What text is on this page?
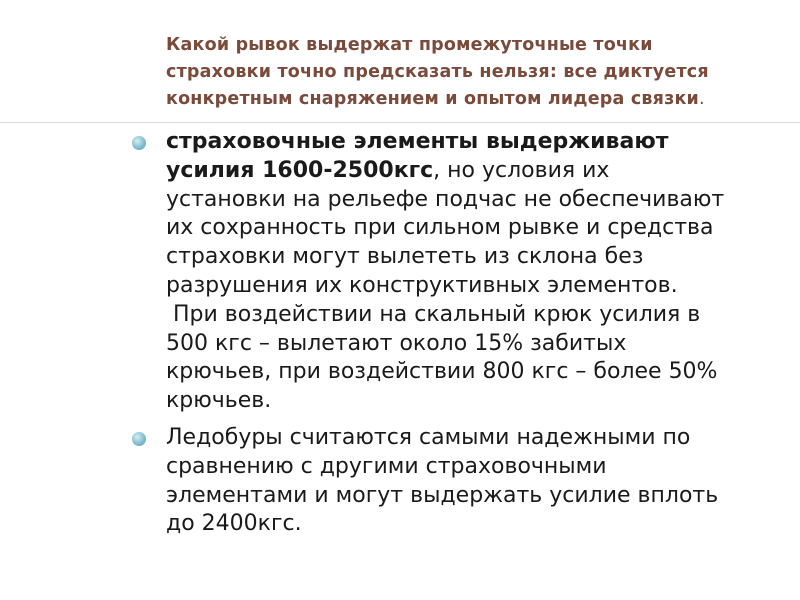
Какой рывок выдержат промежуточные точки
страховки точно предсказать нельзя: все диктуется
конкретным снаряжением и опытом лидера связки.
страховочные элементы выдерживают
усилия 1600-2500кгс, но условия их
установки на рельефе подчас не обеспечивают
их сохранность при сильном рывке и средства
страховки могут вылететь из склона без
разрушения их конструктивных элементов.
При воздействии на скальный крюк усилия в
500 кгс – вылетают около 15% забитых
крючьев, при воздействии 800 кгс – более 50%
крючьев.
Ледобуры считаются самыми надежными по
сравнению с другими страховочными
элементами и могут выдержать усилие вплоть
до 2400кгс.
